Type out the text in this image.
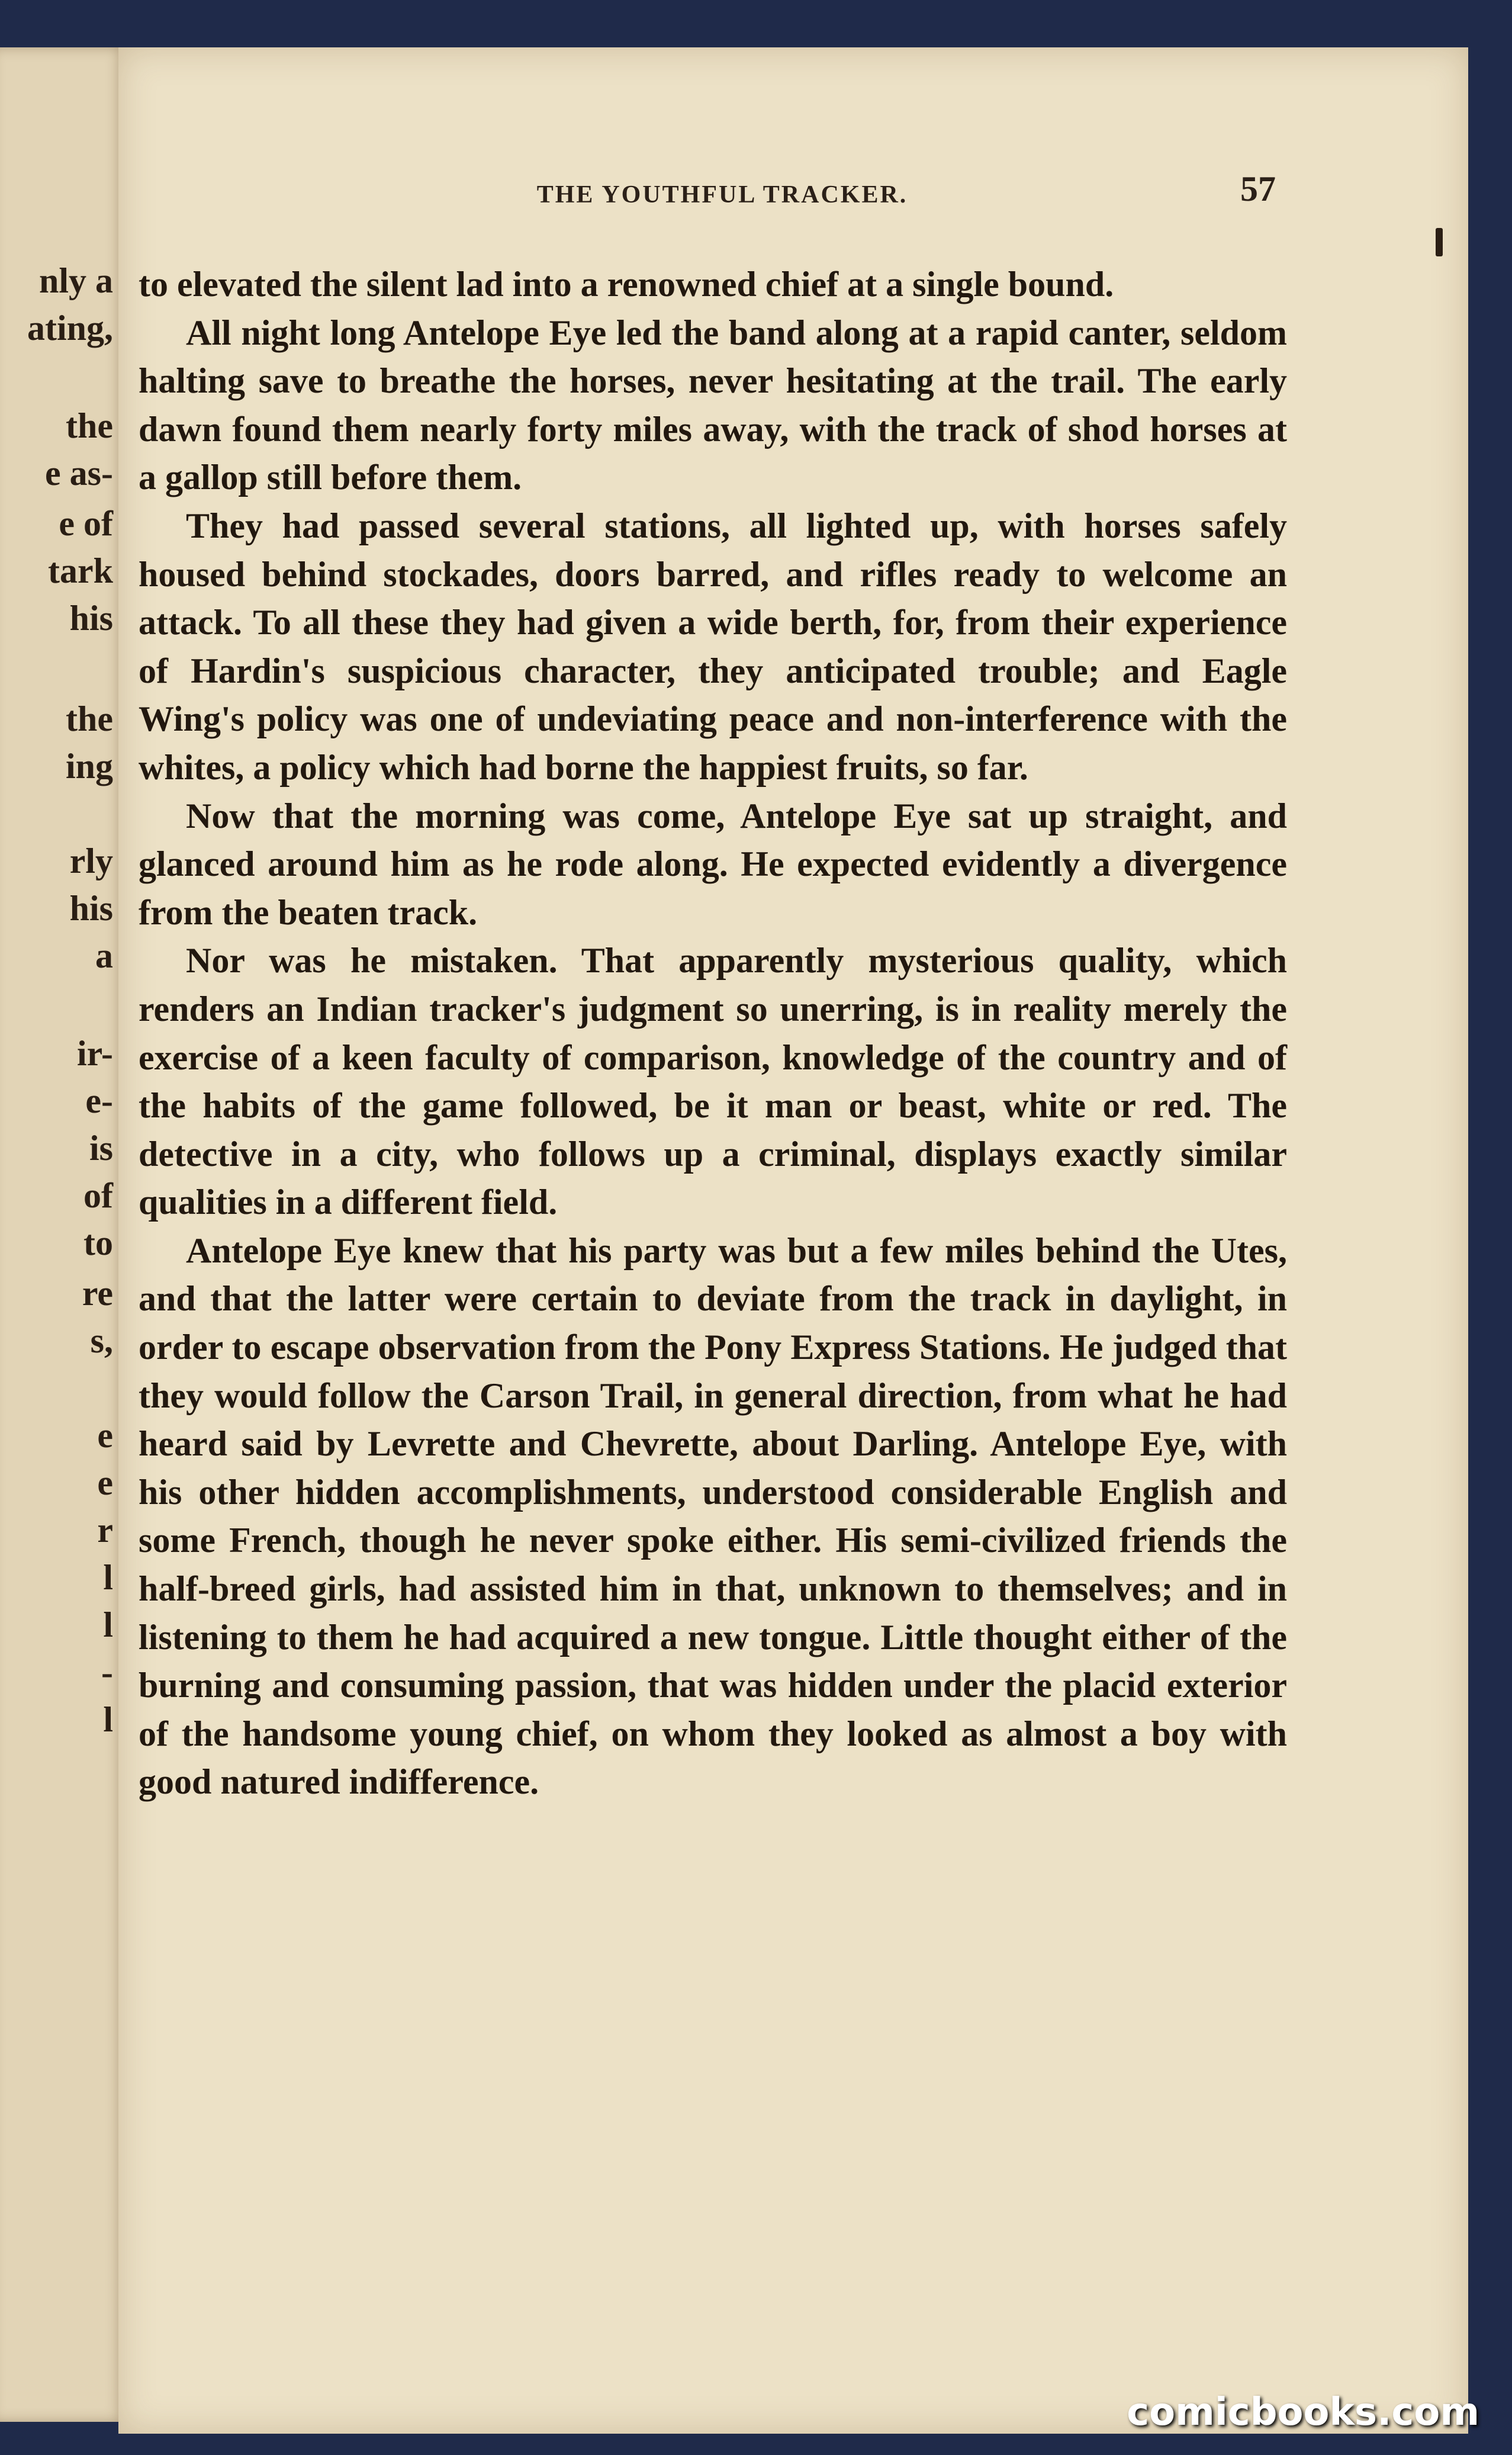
nly a
ating,
the
e as-
e of
tark
his
the
ing
rly
his
a
ir-
e-
is
of
to
re
s,
e
e
r
l
l
-
l
THE YOUTHFUL TRACKER.	57

to elevated the silent lad into a renowned chief at a single bound.

All night long Antelope Eye led the band along at a rapid canter, seldom halting save to breathe the horses, never hesitating at the trail. The early dawn found them nearly forty miles away, with the track of shod horses at a gallop still before them.

They had passed several stations, all lighted up, with horses safely housed behind stockades, doors barred, and rifles ready to welcome an attack. To all these they had given a wide berth, for, from their experience of Hardin's suspicious character, they anticipated trouble; and Eagle Wing's policy was one of undeviating peace and non-interference with the whites, a policy which had borne the happiest fruits, so far.

Now that the morning was come, Antelope Eye sat up straight, and glanced around him as he rode along. He expected evidently a divergence from the beaten track.

Nor was he mistaken. That apparently mysterious quality, which renders an Indian tracker's judgment so unerring, is in reality merely the exercise of a keen faculty of comparison, knowledge of the country and of the habits of the game followed, be it man or beast, white or red. The detective in a city, who follows up a criminal, displays exactly similar qualities in a different field.

Antelope Eye knew that his party was but a few miles behind the Utes, and that the latter were certain to deviate from the track in daylight, in order to escape observation from the Pony Express Stations. He judged that they would follow the Carson Trail, in general direction, from what he had heard said by Levrette and Chevrette, about Darling. Antelope Eye, with his other hidden accomplishments, understood considerable English and some French, though he never spoke either. His semi-civilized friends the half-breed girls, had assisted him in that, unknown to themselves; and in listening to them he had acquired a new tongue. Little thought either of the burning and consuming passion, that was hidden under the placid exterior of the handsome young chief, on whom they looked as almost a boy with good natured indifference.

comicbooks.com
